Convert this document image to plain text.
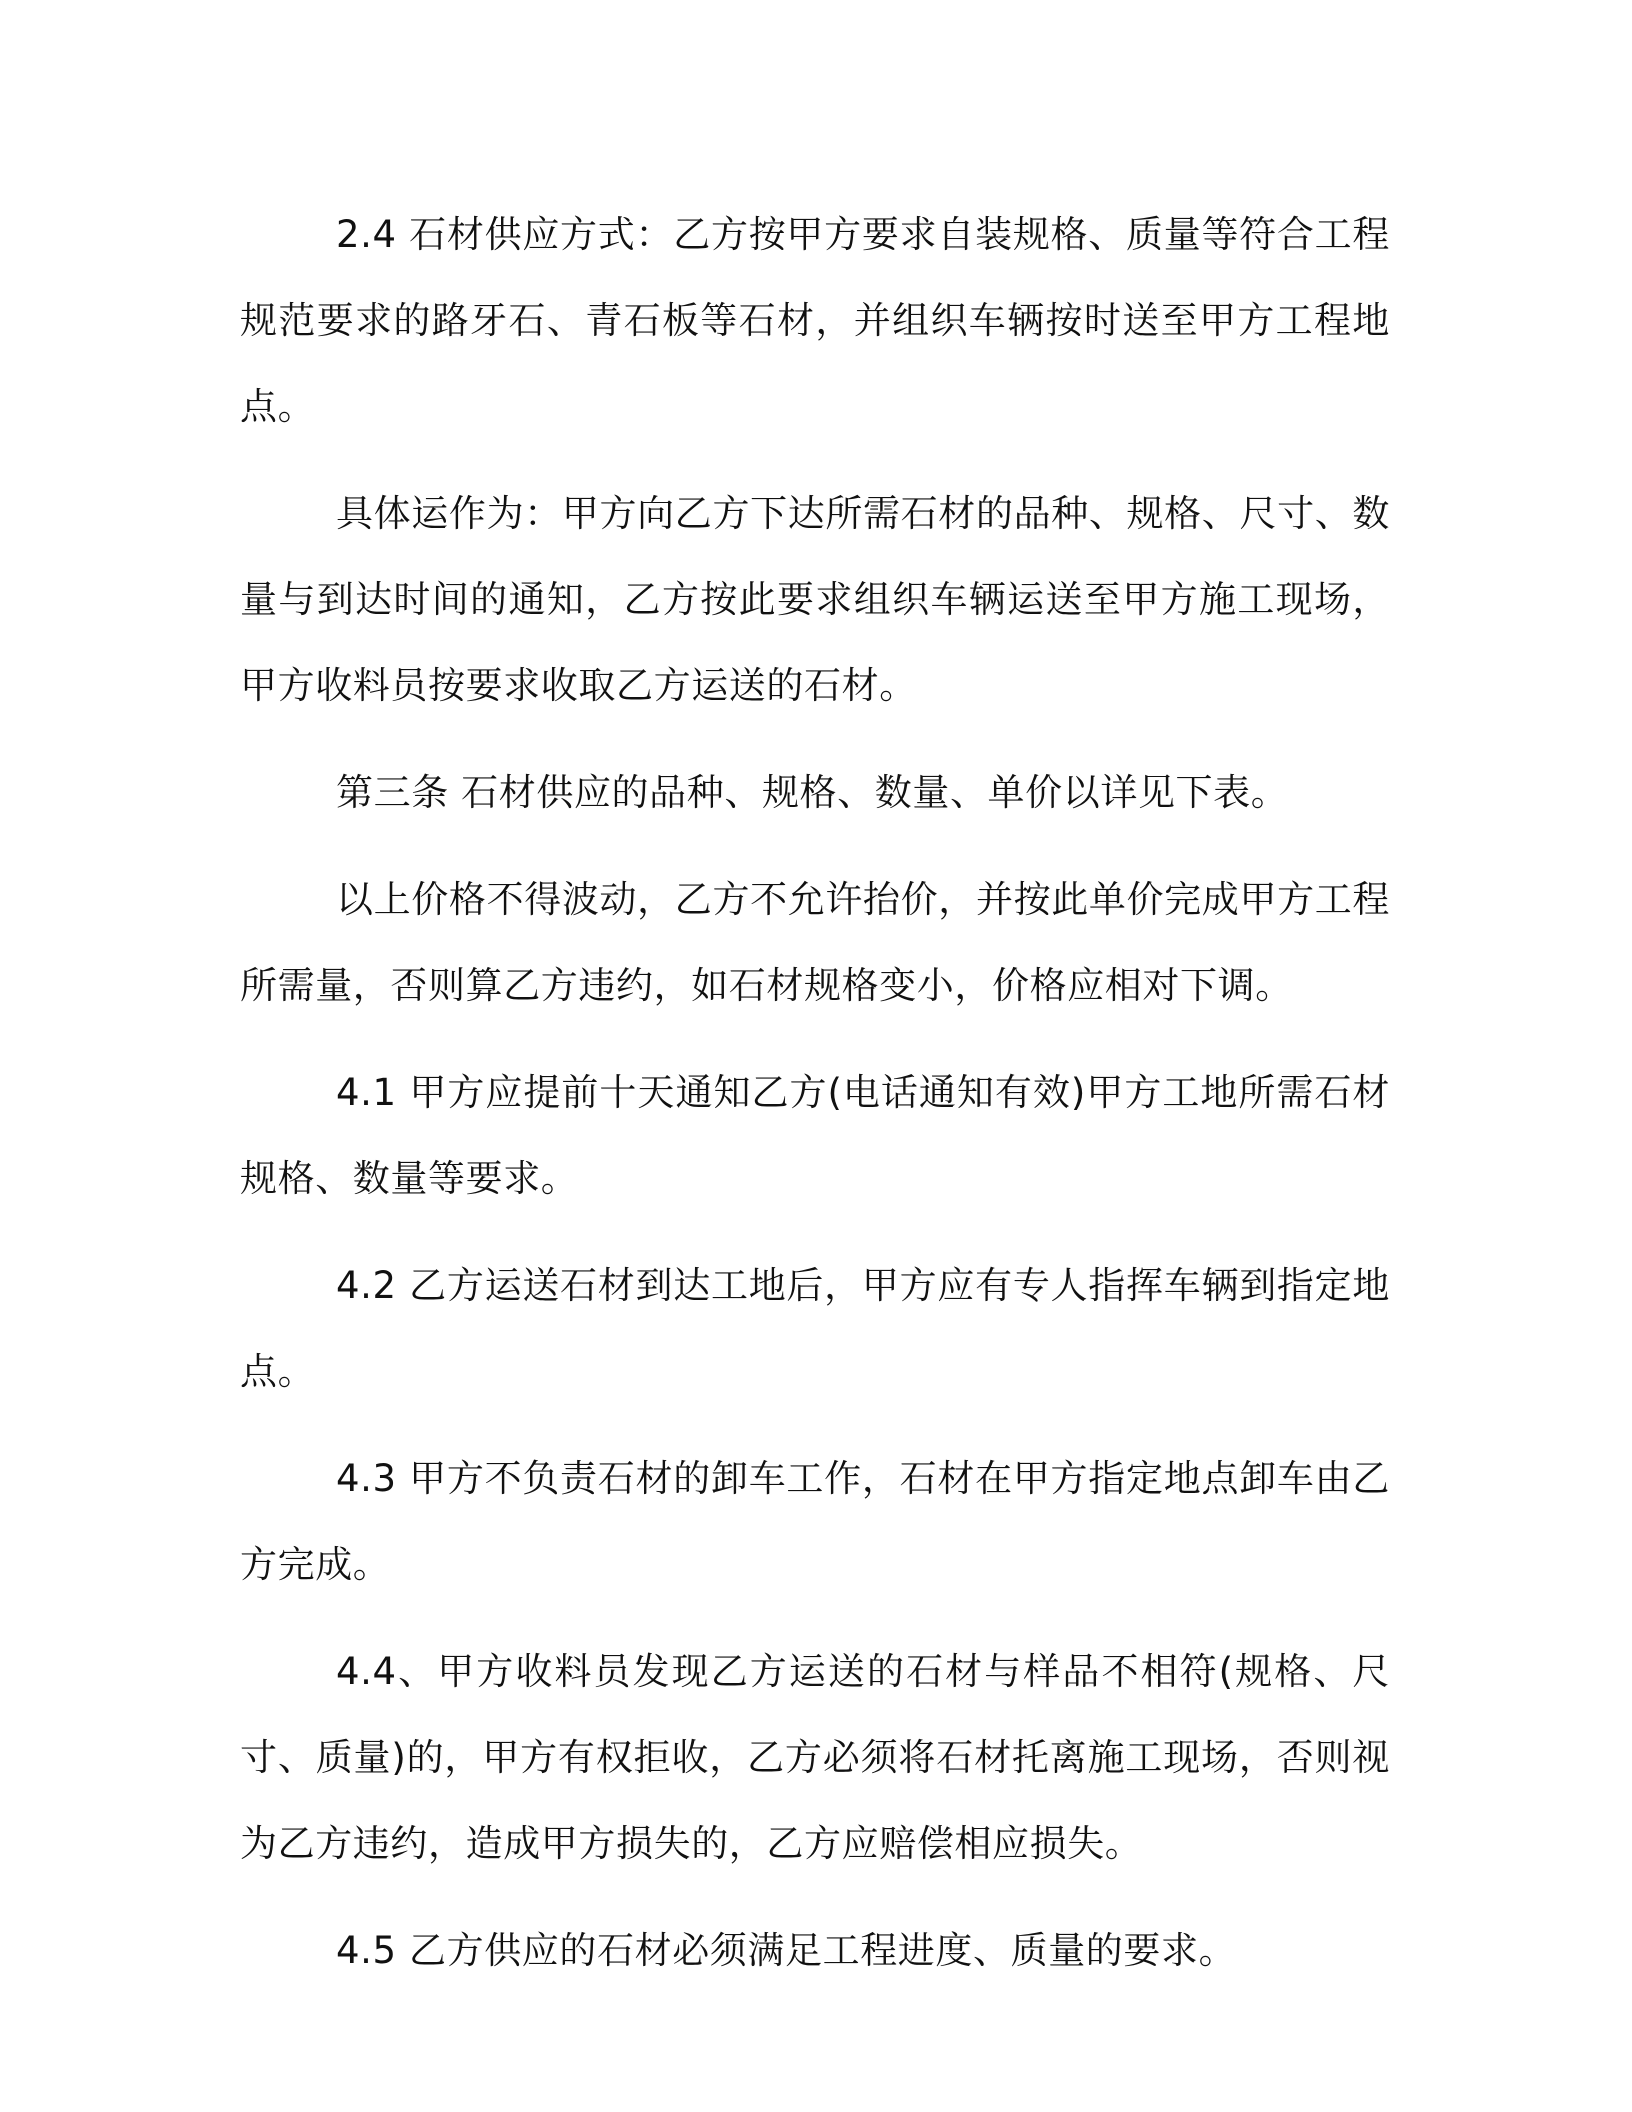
2.4 石材供应方式：乙方按甲方要求自装规格、质量等符合工程规范要求的路牙石、青石板等石材，并组织车辆按时送至甲方工程地点。

具体运作为：甲方向乙方下达所需石材的品种、规格、尺寸、数量与到达时间的通知，乙方按此要求组织车辆运送至甲方施工现场，甲方收料员按要求收取乙方运送的石材。

第三条 石材供应的品种、规格、数量、单价以详见下表。

以上价格不得波动，乙方不允许抬价，并按此单价完成甲方工程所需量，否则算乙方违约，如石材规格变小，价格应相对下调。

4.1 甲方应提前十天通知乙方(电话通知有效)甲方工地所需石材规格、数量等要求。

4.2 乙方运送石材到达工地后，甲方应有专人指挥车辆到指定地点。

4.3 甲方不负责石材的卸车工作，石材在甲方指定地点卸车由乙方完成。

4.4、甲方收料员发现乙方运送的石材与样品不相符(规格、尺寸、质量)的，甲方有权拒收，乙方必须将石材托离施工现场，否则视为乙方违约，造成甲方损失的，乙方应赔偿相应损失。

4.5 乙方供应的石材必须满足工程进度、质量的要求。
